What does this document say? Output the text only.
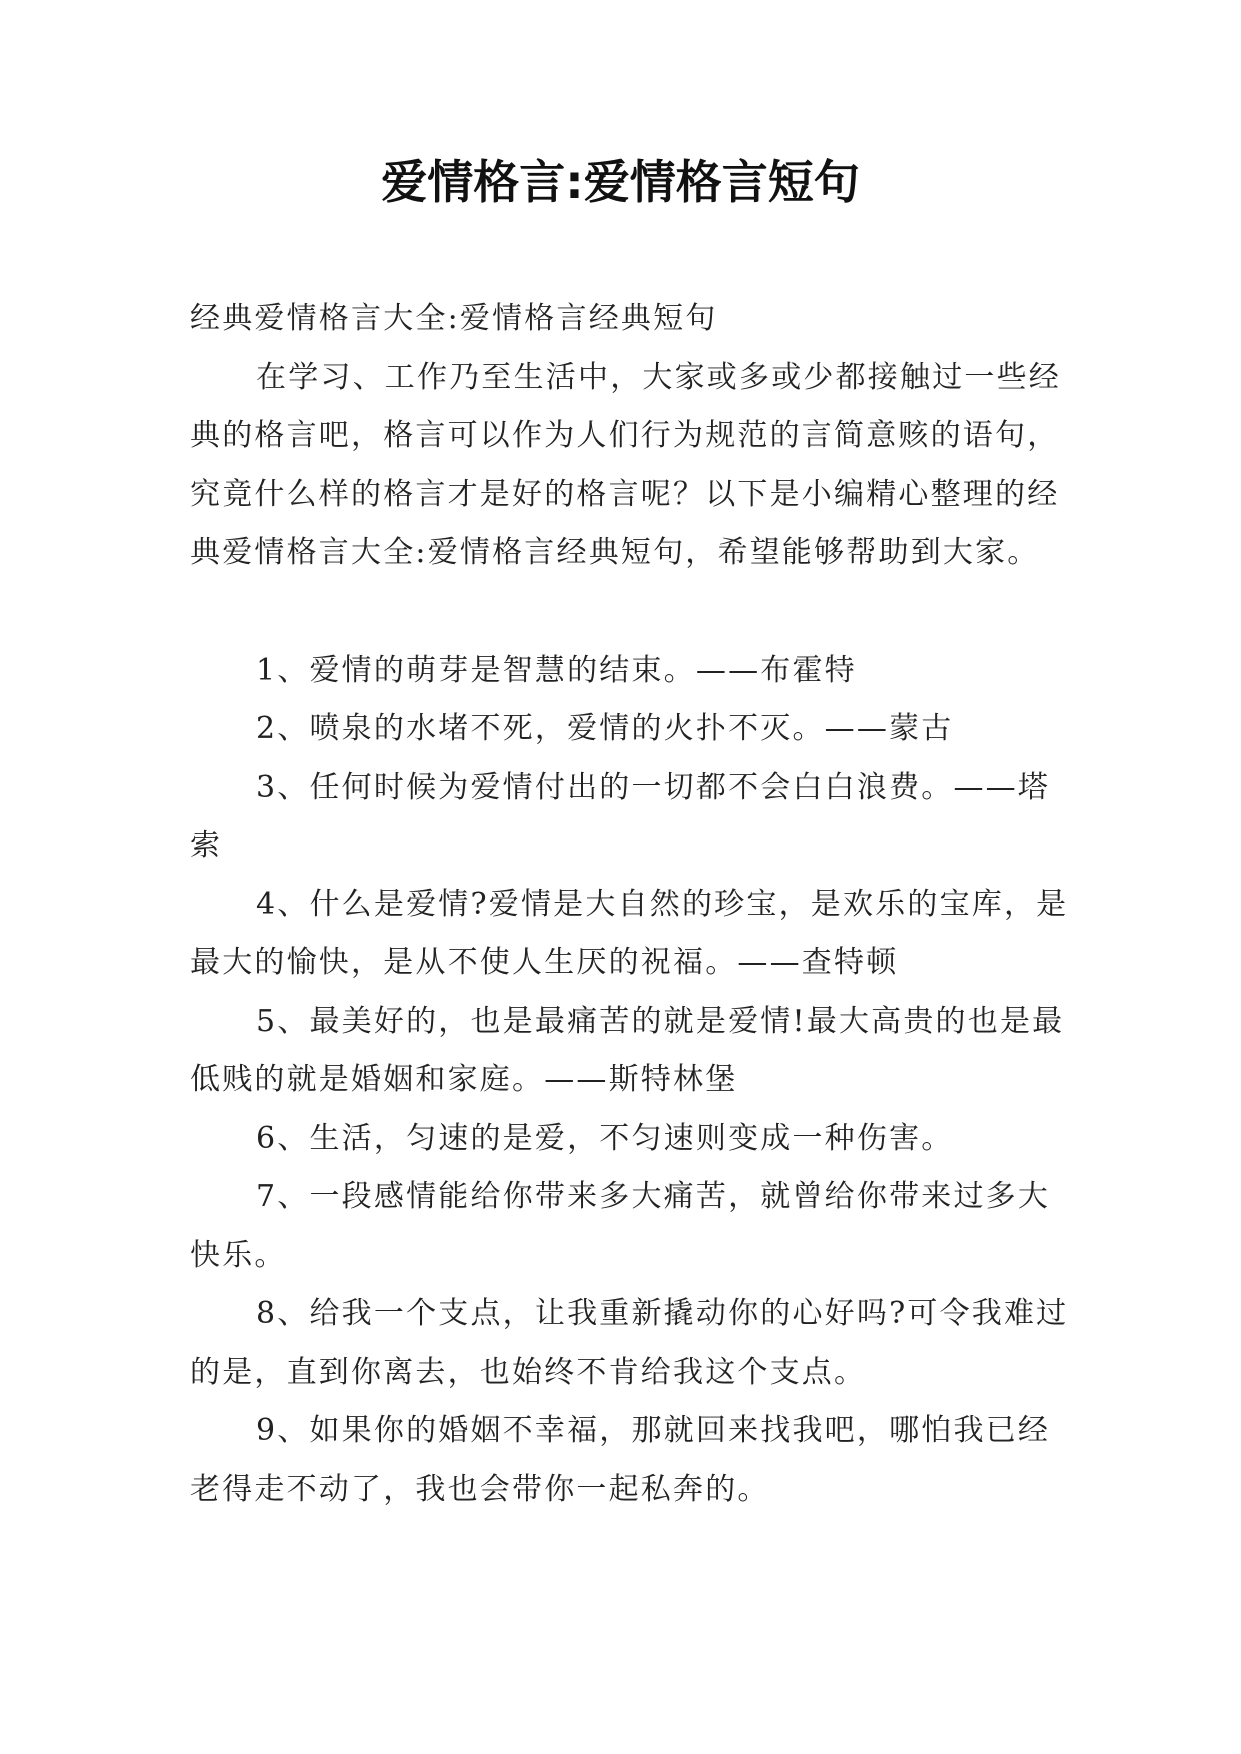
爱情格言:爱情格言短句

经典爱情格言大全:爱情格言经典短句

在学习、工作乃至生活中，大家或多或少都接触过一些经典的格言吧，格言可以作为人们行为规范的言简意赅的语句，究竟什么样的格言才是好的格言呢？以下是小编精心整理的经典爱情格言大全:爱情格言经典短句，希望能够帮助到大家。

1、爱情的萌芽是智慧的结束。——布霍特

2、喷泉的水堵不死，爱情的火扑不灭。——蒙古

3、任何时候为爱情付出的一切都不会白白浪费。——塔索

4、什么是爱情?爱情是大自然的珍宝，是欢乐的宝库，是最大的愉快，是从不使人生厌的祝福。——查特顿

5、最美好的，也是最痛苦的就是爱情!最大高贵的也是最低贱的就是婚姻和家庭。——斯特林堡

6、生活，匀速的是爱，不匀速则变成一种伤害。

7、一段感情能给你带来多大痛苦，就曾给你带来过多大快乐。

8、给我一个支点，让我重新撬动你的心好吗?可令我难过的是，直到你离去，也始终不肯给我这个支点。

9、如果你的婚姻不幸福，那就回来找我吧，哪怕我已经老得走不动了，我也会带你一起私奔的。
